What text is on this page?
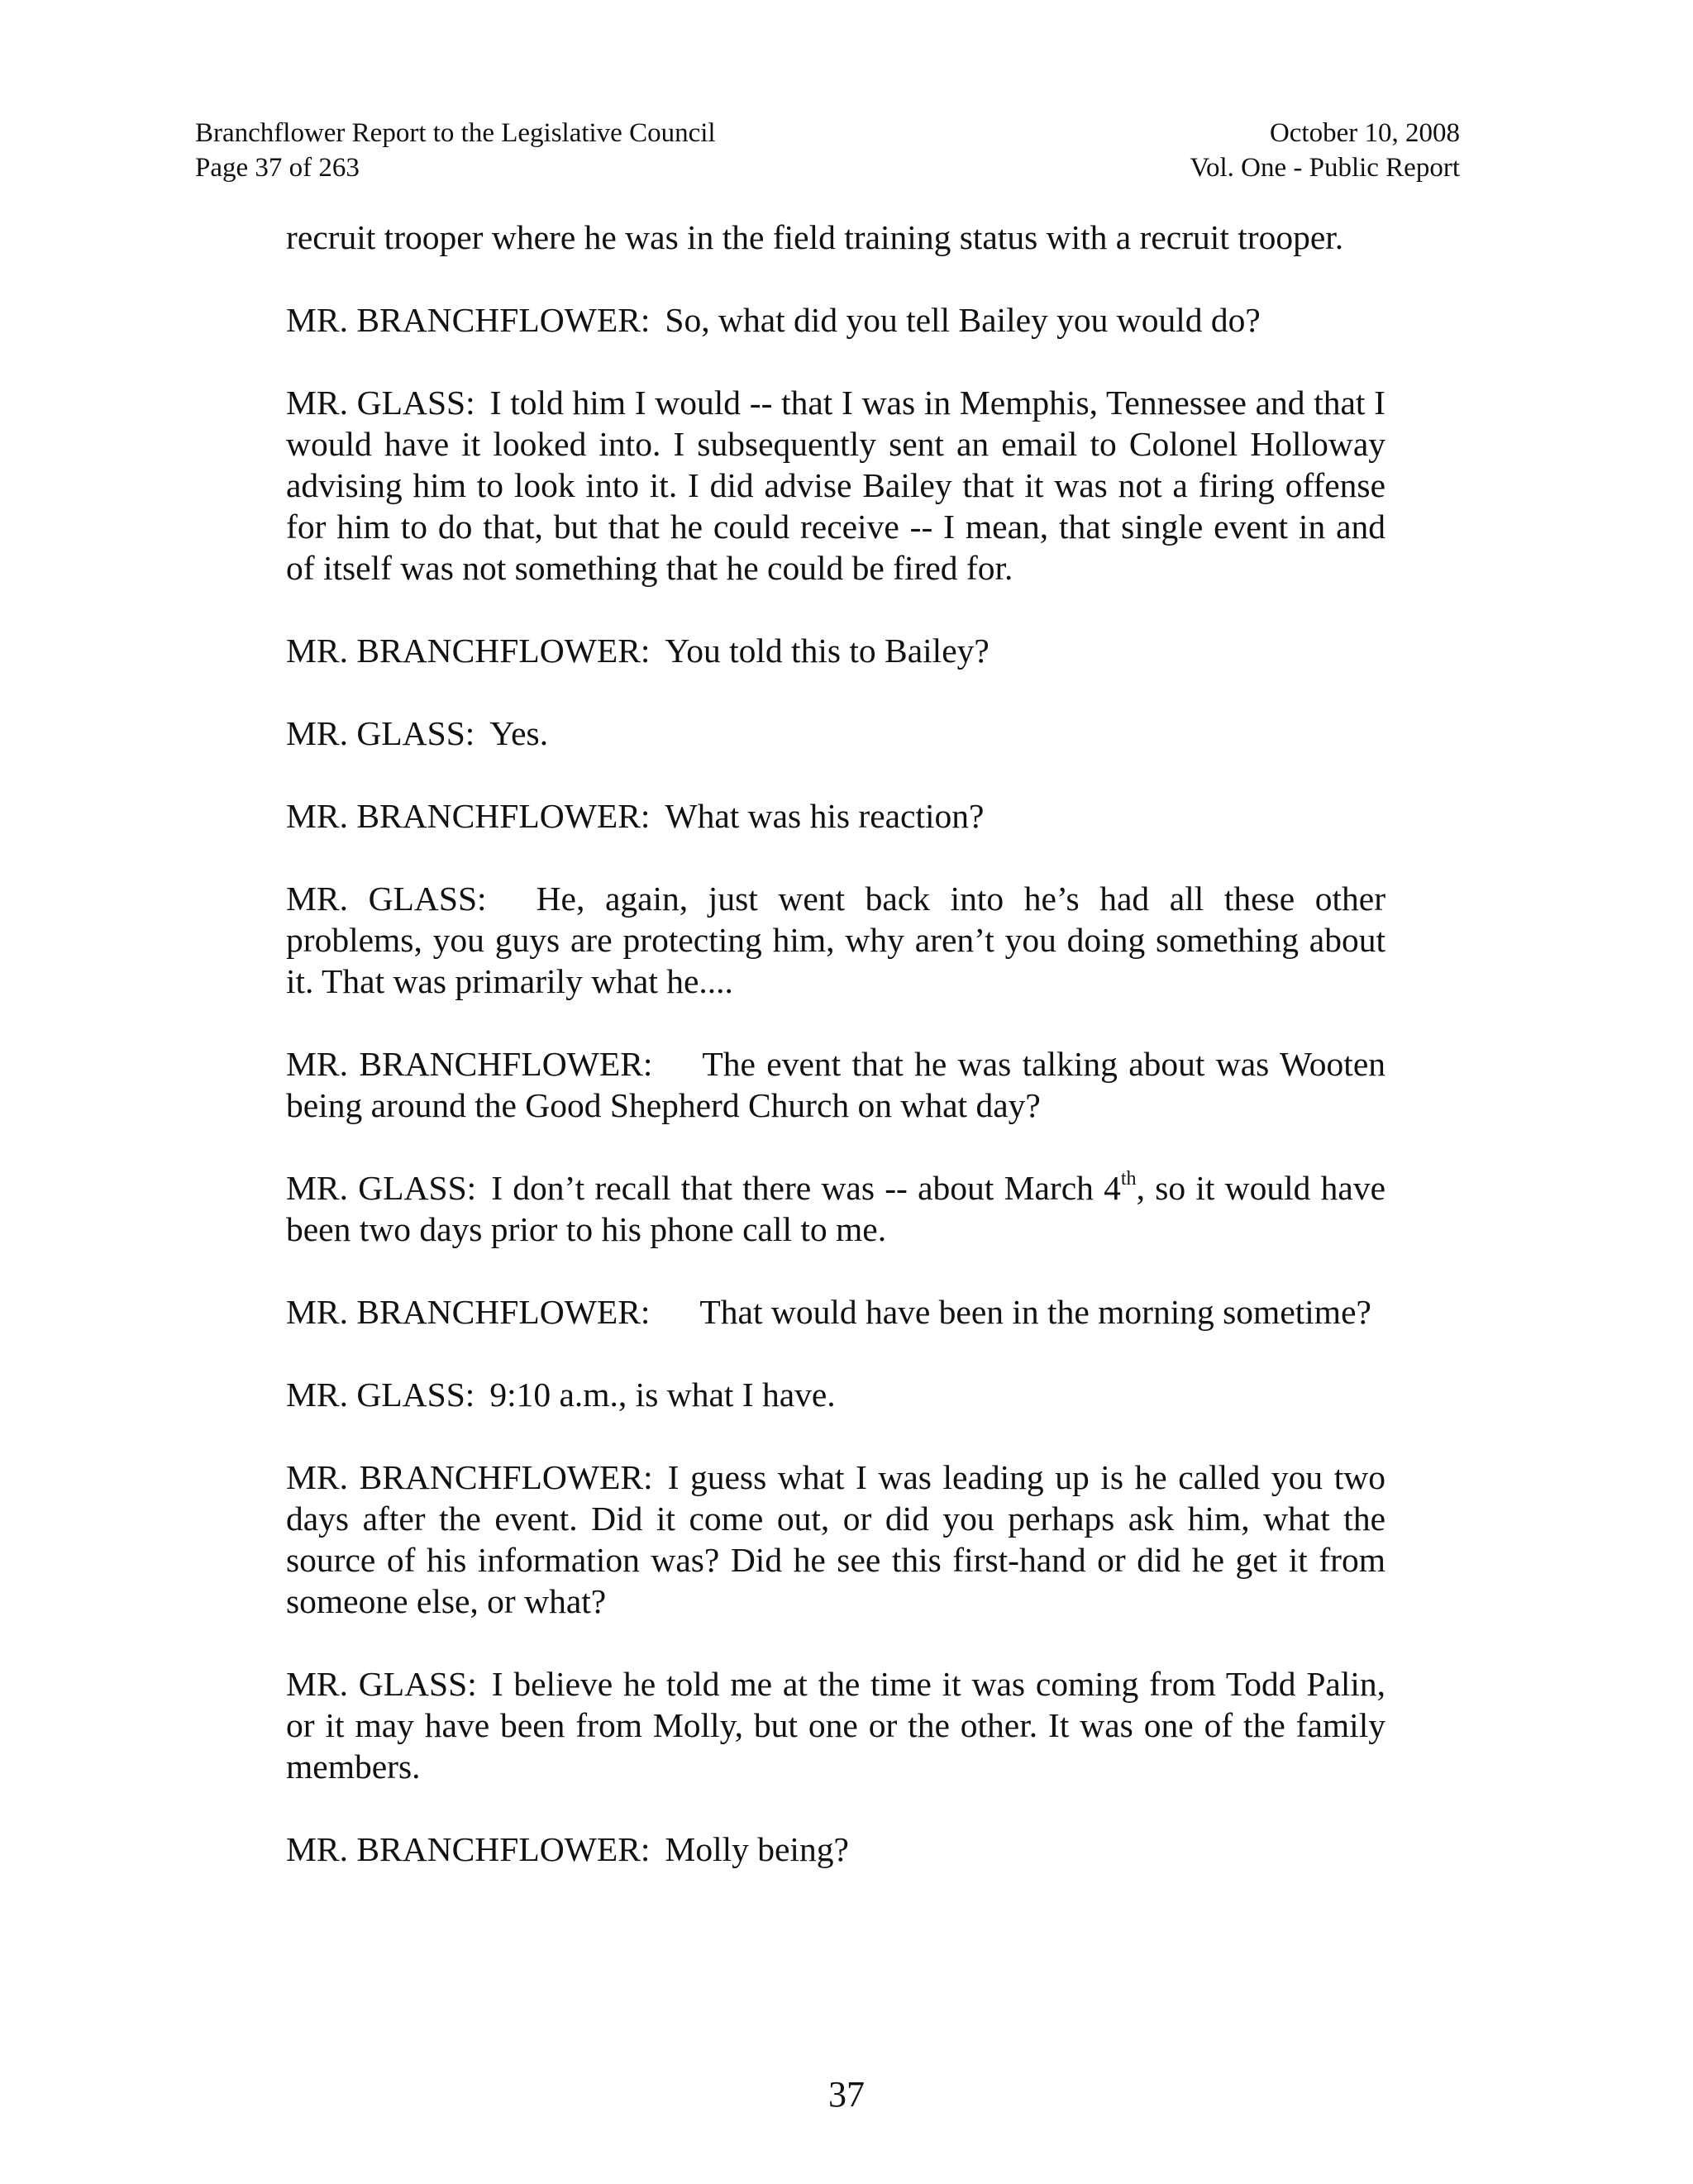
Branchflower Report to the Legislative Council
Page 37 of 263
October 10, 2008
Vol. One - Public Report

recruit trooper where he was in the field training status with a recruit trooper.

MR. BRANCHFLOWER: So, what did you tell Bailey you would do?

MR. GLASS: I told him I would -- that I was in Memphis, Tennessee and that I would have it looked into. I subsequently sent an email to Colonel Holloway advising him to look into it. I did advise Bailey that it was not a firing offense for him to do that, but that he could receive -- I mean, that single event in and of itself was not something that he could be fired for.

MR. BRANCHFLOWER: You told this to Bailey?

MR. GLASS: Yes.

MR. BRANCHFLOWER: What was his reaction?

MR. GLASS: He, again, just went back into he’s had all these other problems, you guys are protecting him, why aren’t you doing something about it. That was primarily what he....

MR. BRANCHFLOWER: The event that he was talking about was Wooten being around the Good Shepherd Church on what day?

MR. GLASS: I don’t recall that there was -- about March 4th, so it would have been two days prior to his phone call to me.

MR. BRANCHFLOWER: That would have been in the morning sometime?

MR. GLASS: 9:10 a.m., is what I have.

MR. BRANCHFLOWER: I guess what I was leading up is he called you two days after the event. Did it come out, or did you perhaps ask him, what the source of his information was? Did he see this first-hand or did he get it from someone else, or what?

MR. GLASS: I believe he told me at the time it was coming from Todd Palin, or it may have been from Molly, but one or the other. It was one of the family members.

MR. BRANCHFLOWER: Molly being?

37
